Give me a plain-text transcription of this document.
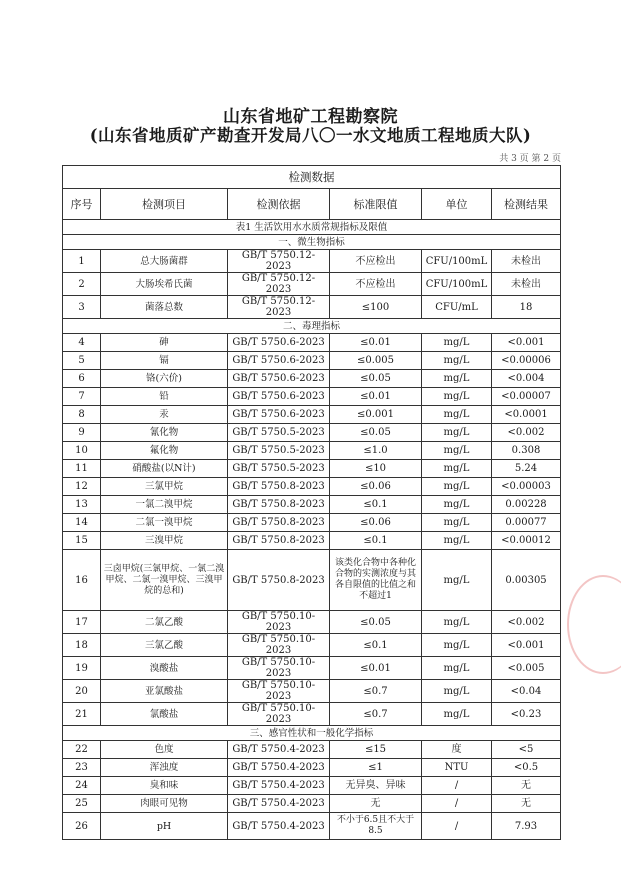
山东省地矿工程勘察院
(山东省地质矿产勘查开发局八〇一水文地质工程地质大队)
共 3 页 第 2 页
检测数据					
序号	检测项目	检测依据	标准限值	单位	检测结果
表1 生活饮用水水质常规指标及限值					
一、微生物指标					
1	总大肠菌群	GB/T 5750.12-2023	不应检出	CFU/100mL	未检出
2	大肠埃希氏菌	GB/T 5750.12-2023	不应检出	CFU/100mL	未检出
3	菌落总数	GB/T 5750.12-2023	≤100	CFU/mL	18
二、毒理指标					
4	砷	GB/T 5750.6-2023	≤0.01	mg/L	<0.001
5	镉	GB/T 5750.6-2023	≤0.005	mg/L	<0.00006
6	铬(六价)	GB/T 5750.6-2023	≤0.05	mg/L	<0.004
7	铅	GB/T 5750.6-2023	≤0.01	mg/L	<0.00007
8	汞	GB/T 5750.6-2023	≤0.001	mg/L	<0.0001
9	氰化物	GB/T 5750.5-2023	≤0.05	mg/L	<0.002
10	氟化物	GB/T 5750.5-2023	≤1.0	mg/L	0.308
11	硝酸盐(以N计)	GB/T 5750.5-2023	≤10	mg/L	5.24
12	三氯甲烷	GB/T 5750.8-2023	≤0.06	mg/L	<0.00003
13	一氯二溴甲烷	GB/T 5750.8-2023	≤0.1	mg/L	0.00228
14	二氯一溴甲烷	GB/T 5750.8-2023	≤0.06	mg/L	0.00077
15	三溴甲烷	GB/T 5750.8-2023	≤0.1	mg/L	<0.00012
16	三卤甲烷(三氯甲烷、一氯二溴甲烷、二氯一溴甲烷、三溴甲烷的总和)	GB/T 5750.8-2023	该类化合物中各种化合物的实测浓度与其各自限值的比值之和不超过1	mg/L	0.00305
17	二氯乙酸	GB/T 5750.10-2023	≤0.05	mg/L	<0.002
18	三氯乙酸	GB/T 5750.10-2023	≤0.1	mg/L	<0.001
19	溴酸盐	GB/T 5750.10-2023	≤0.01	mg/L	<0.005
20	亚氯酸盐	GB/T 5750.10-2023	≤0.7	mg/L	<0.04
21	氯酸盐	GB/T 5750.10-2023	≤0.7	mg/L	<0.23
三、感官性状和一般化学指标					
22	色度	GB/T 5750.4-2023	≤15	度	<5
23	浑浊度	GB/T 5750.4-2023	≤1	NTU	<0.5
24	臭和味	GB/T 5750.4-2023	无异臭、异味	/	无
25	肉眼可见物	GB/T 5750.4-2023	无	/	无
26	pH	GB/T 5750.4-2023	不小于6.5且不大于8.5	/	7.93
